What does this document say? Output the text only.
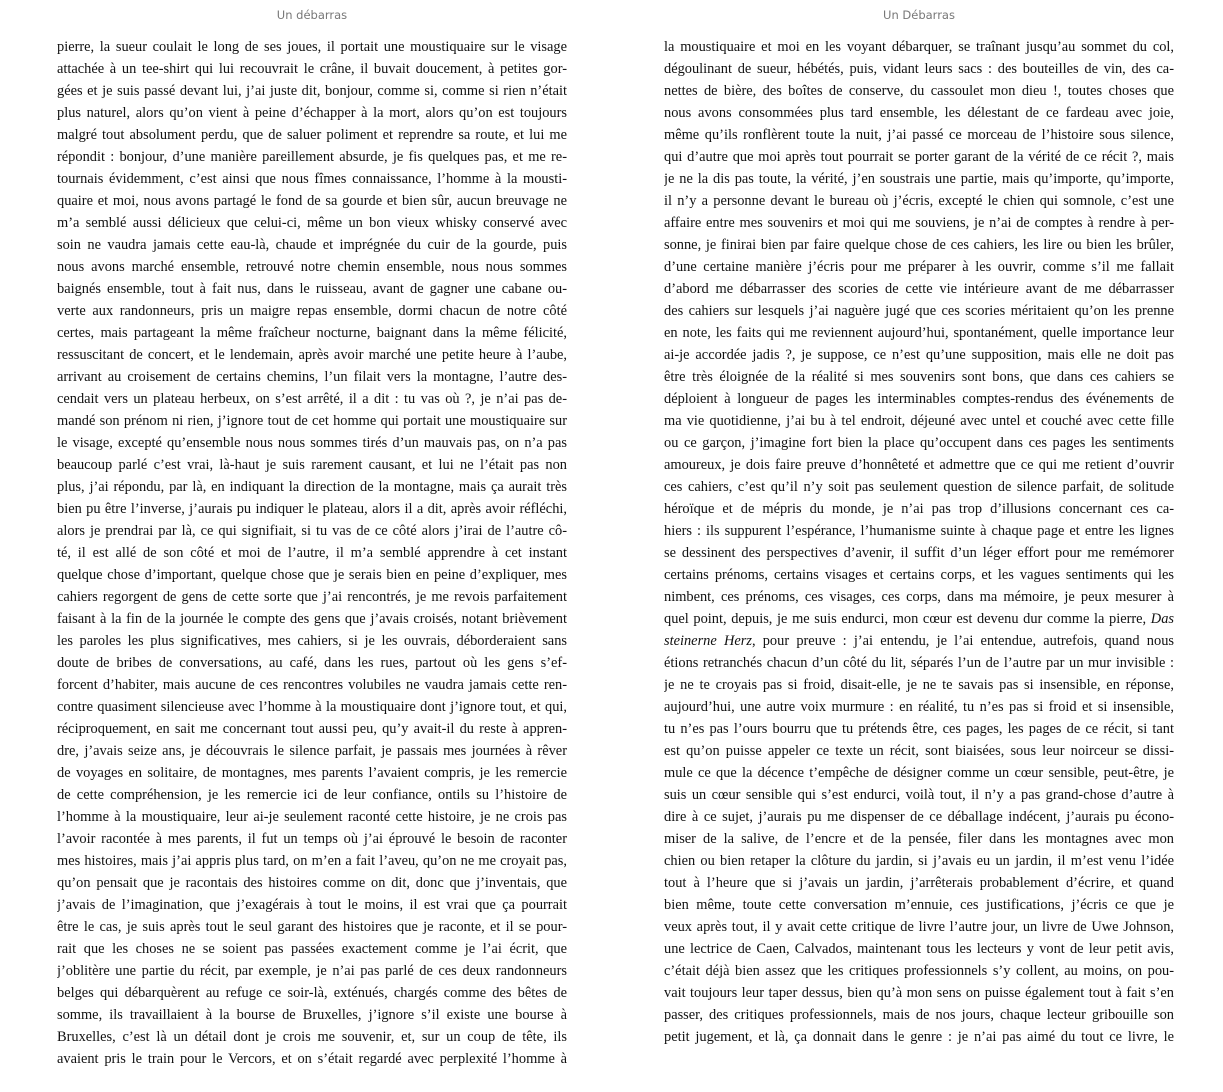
Un débarras
pierre, la sueur coulait le long de ses joues, il portait une moustiquaire sur le visage
attachée à un tee-shirt qui lui recouvrait le crâne, il buvait doucement, à petites gor-
gées et je suis passé devant lui, j’ai juste dit, bonjour, comme si, comme si rien n’était
plus naturel, alors qu’on vient à peine d’échapper à la mort, alors qu’on est toujours
malgré tout absolument perdu, que de saluer poliment et reprendre sa route, et lui me
répondit : bonjour, d’une manière pareillement absurde, je fis quelques pas, et me re-
tournais évidemment, c’est ainsi que nous fîmes connaissance, l’homme à la mousti-
quaire et moi, nous avons partagé le fond de sa gourde et bien sûr, aucun breuvage ne
m’a semblé aussi délicieux que celui-ci, même un bon vieux whisky conservé avec
soin ne vaudra jamais cette eau-là, chaude et imprégnée du cuir de la gourde, puis
nous avons marché ensemble, retrouvé notre chemin ensemble, nous nous sommes
baignés ensemble, tout à fait nus, dans le ruisseau, avant de gagner une cabane ou-
verte aux randonneurs, pris un maigre repas ensemble, dormi chacun de notre côté
certes, mais partageant la même fraîcheur nocturne, baignant dans la même félicité,
ressuscitant de concert, et le lendemain, après avoir marché une petite heure à l’aube,
arrivant au croisement de certains chemins, l’un filait vers la montagne, l’autre des-
cendait vers un plateau herbeux, on s’est arrêté, il a dit : tu vas où ?, je n’ai pas de-
mandé son prénom ni rien, j’ignore tout de cet homme qui portait une moustiquaire sur
le visage, excepté qu’ensemble nous nous sommes tirés d’un mauvais pas, on n’a pas
beaucoup parlé c’est vrai, là-haut je suis rarement causant, et lui ne l’était pas non
plus, j’ai répondu, par là, en indiquant la direction de la montagne, mais ça aurait très
bien pu être l’inverse, j’aurais pu indiquer le plateau, alors il a dit, après avoir réfléchi,
alors je prendrai par là, ce qui signifiait, si tu vas de ce côté alors j’irai de l’autre cô-
té, il est allé de son côté et moi de l’autre, il m’a semblé apprendre à cet instant
quelque chose d’important, quelque chose que je serais bien en peine d’expliquer, mes
cahiers regorgent de gens de cette sorte que j’ai rencontrés, je me revois parfaitement
faisant à la fin de la journée le compte des gens que j’avais croisés, notant brièvement
les paroles les plus significatives, mes cahiers, si je les ouvrais, déborderaient sans
doute de bribes de conversations, au café, dans les rues, partout où les gens s’ef-
forcent d’habiter, mais aucune de ces rencontres volubiles ne vaudra jamais cette ren-
contre quasiment silencieuse avec l’homme à la moustiquaire dont j’ignore tout, et qui,
réciproquement, en sait me concernant tout aussi peu, qu’y avait-il du reste à appren-
dre, j’avais seize ans, je découvrais le silence parfait, je passais mes journées à rêver
de voyages en solitaire, de montagnes, mes parents l’avaient compris, je les remercie
de cette compréhension, je les remercie ici de leur confiance, ontils su l’histoire de
l’homme à la moustiquaire, leur ai-je seulement raconté cette histoire, je ne crois pas
l’avoir racontée à mes parents, il fut un temps où j’ai éprouvé le besoin de raconter
mes histoires, mais j’ai appris plus tard, on m’en a fait l’aveu, qu’on ne me croyait pas,
qu’on pensait que je racontais des histoires comme on dit, donc que j’inventais, que
j’avais de l’imagination, que j’exagérais à tout le moins, il est vrai que ça pourrait
être le cas, je suis après tout le seul garant des histoires que je raconte, et il se pour-
rait que les choses ne se soient pas passées exactement comme je l’ai écrit, que
j’oblitère une partie du récit, par exemple, je n’ai pas parlé de ces deux randonneurs
belges qui débarquèrent au refuge ce soir-là, exténués, chargés comme des bêtes de
somme, ils travaillaient à la bourse de Bruxelles, j’ignore s’il existe une bourse à
Bruxelles, c’est là un détail dont je crois me souvenir, et, sur un coup de tête, ils
avaient pris le train pour le Vercors, et on s’était regardé avec perplexité l’homme à
Un Débarras
la moustiquaire et moi en les voyant débarquer, se traînant jusqu’au sommet du col,
dégoulinant de sueur, hébétés, puis, vidant leurs sacs : des bouteilles de vin, des ca-
nettes de bière, des boîtes de conserve, du cassoulet mon dieu !, toutes choses que
nous avons consommées plus tard ensemble, les délestant de ce fardeau avec joie,
même qu’ils ronflèrent toute la nuit, j’ai passé ce morceau de l’histoire sous silence,
qui d’autre que moi après tout pourrait se porter garant de la vérité de ce récit ?, mais
je ne la dis pas toute, la vérité, j’en soustrais une partie, mais qu’importe, qu’importe,
il n’y a personne devant le bureau où j’écris, excepté le chien qui somnole, c’est une
affaire entre mes souvenirs et moi qui me souviens, je n’ai de comptes à rendre à per-
sonne, je finirai bien par faire quelque chose de ces cahiers, les lire ou bien les brûler,
d’une certaine manière j’écris pour me préparer à les ouvrir, comme s’il me fallait
d’abord me débarrasser des scories de cette vie intérieure avant de me débarrasser
des cahiers sur lesquels j’ai naguère jugé que ces scories méritaient qu’on les prenne
en note, les faits qui me reviennent aujourd’hui, spontanément, quelle importance leur
ai-je accordée jadis ?, je suppose, ce n’est qu’une supposition, mais elle ne doit pas
être très éloignée de la réalité si mes souvenirs sont bons, que dans ces cahiers se
déploient à longueur de pages les interminables comptes-rendus des événements de
ma vie quotidienne, j’ai bu à tel endroit, déjeuné avec untel et couché avec cette fille
ou ce garçon, j’imagine fort bien la place qu’occupent dans ces pages les sentiments
amoureux, je dois faire preuve d’honnêteté et admettre que ce qui me retient d’ouvrir
ces cahiers, c’est qu’il n’y soit pas seulement question de silence parfait, de solitude
héroïque et de mépris du monde, je n’ai pas trop d’illusions concernant ces ca-
hiers : ils suppurent l’espérance, l’humanisme suinte à chaque page et entre les lignes
se dessinent des perspectives d’avenir, il suffit d’un léger effort pour me remémorer
certains prénoms, certains visages et certains corps, et les vagues sentiments qui les
nimbent, ces prénoms, ces visages, ces corps, dans ma mémoire, je peux mesurer à
quel point, depuis, je me suis endurci, mon cœur est devenu dur comme la pierre, Das
steinerne Herz, pour preuve : j’ai entendu, je l’ai entendue, autrefois, quand nous
étions retranchés chacun d’un côté du lit, séparés l’un de l’autre par un mur invisible :
je ne te croyais pas si froid, disait-elle, je ne te savais pas si insensible, en réponse,
aujourd’hui, une autre voix murmure : en réalité, tu n’es pas si froid et si insensible,
tu n’es pas l’ours bourru que tu prétends être, ces pages, les pages de ce récit, si tant
est qu’on puisse appeler ce texte un récit, sont biaisées, sous leur noirceur se dissi-
mule ce que la décence t’empêche de désigner comme un cœur sensible, peut-être, je
suis un cœur sensible qui s’est endurci, voilà tout, il n’y a pas grand-chose d’autre à
dire à ce sujet, j’aurais pu me dispenser de ce déballage indécent, j’aurais pu écono-
miser de la salive, de l’encre et de la pensée, filer dans les montagnes avec mon
chien ou bien retaper la clôture du jardin, si j’avais eu un jardin, il m’est venu l’idée
tout à l’heure que si j’avais un jardin, j’arrêterais probablement d’écrire, et quand
bien même, toute cette conversation m’ennuie, ces justifications, j’écris ce que je
veux après tout, il y avait cette critique de livre l’autre jour, un livre de Uwe Johnson,
une lectrice de Caen, Calvados, maintenant tous les lecteurs y vont de leur petit avis,
c’était déjà bien assez que les critiques professionnels s’y collent, au moins, on pou-
vait toujours leur taper dessus, bien qu’à mon sens on puisse également tout à fait s’en
passer, des critiques professionnels, mais de nos jours, chaque lecteur gribouille son
petit jugement, et là, ça donnait dans le genre : je n’ai pas aimé du tout ce livre, le
